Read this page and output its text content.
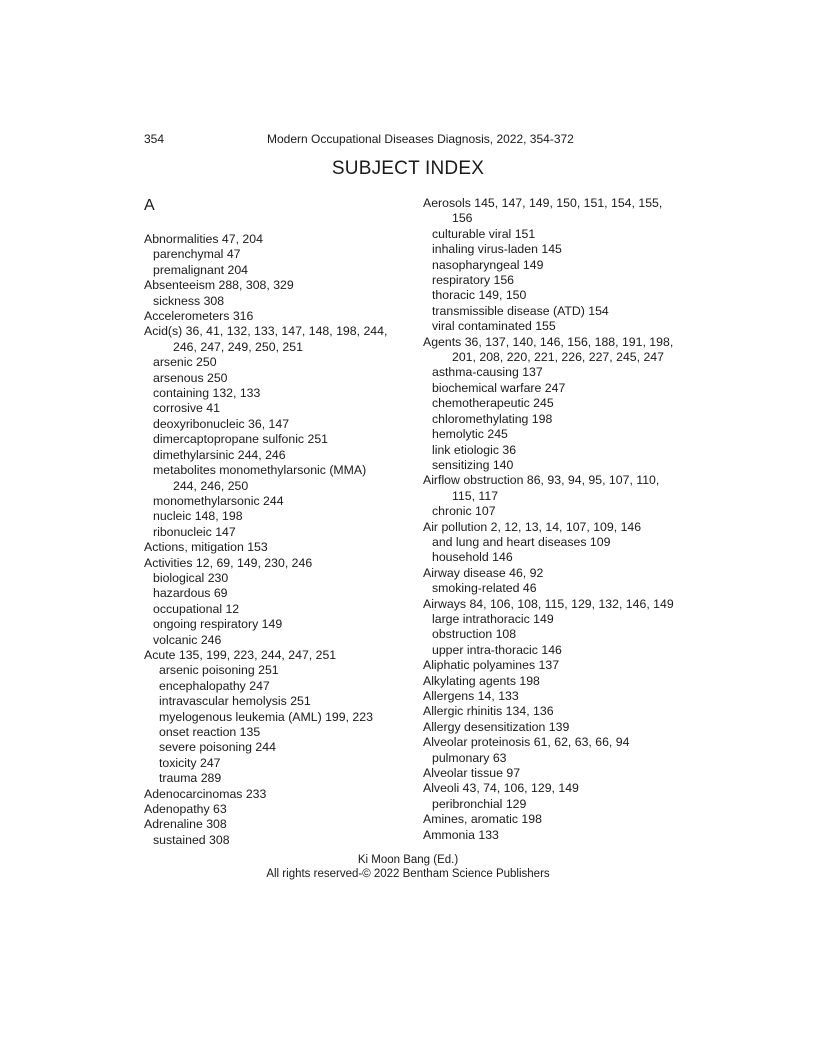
354	Modern Occupational Diseases Diagnosis, 2022, 354-372
SUBJECT INDEX
A
Abnormalities 47, 204
parenchymal 47
premalignant 204
Absenteeism 288, 308, 329
sickness 308
Accelerometers 316
Acid(s) 36, 41, 132, 133, 147, 148, 198, 244,
246, 247, 249, 250, 251
arsenic 250
arsenous 250
containing 132, 133
corrosive 41
deoxyribonucleic 36, 147
dimercaptopropane sulfonic 251
dimethylarsinic 244, 246
metabolites monomethylarsonic (MMA)
244, 246, 250
monomethylarsonic 244
nucleic 148, 198
ribonucleic 147
Actions, mitigation 153
Activities 12, 69, 149, 230, 246
biological 230
hazardous 69
occupational 12
ongoing respiratory 149
volcanic 246
Acute 135, 199, 223, 244, 247, 251
arsenic poisoning 251
encephalopathy 247
intravascular hemolysis 251
myelogenous leukemia (AML) 199, 223
onset reaction 135
severe poisoning 244
toxicity 247
trauma 289
Adenocarcinomas 233
Adenopathy 63
Adrenaline 308
sustained 308
Aerosols 145, 147, 149, 150, 151, 154, 155,
156
culturable viral 151
inhaling virus-laden 145
nasopharyngeal 149
respiratory 156
thoracic 149, 150
transmissible disease (ATD) 154
viral contaminated 155
Agents 36, 137, 140, 146, 156, 188, 191, 198,
201, 208, 220, 221, 226, 227, 245, 247
asthma-causing 137
biochemical warfare 247
chemotherapeutic 245
chloromethylating 198
hemolytic 245
link etiologic 36
sensitizing 140
Airflow obstruction 86, 93, 94, 95, 107, 110,
115, 117
chronic 107
Air pollution 2, 12, 13, 14, 107, 109, 146
and lung and heart diseases 109
household 146
Airway disease 46, 92
smoking-related 46
Airways 84, 106, 108, 115, 129, 132, 146, 149
large intrathoracic 149
obstruction 108
upper intra-thoracic 146
Aliphatic polyamines 137
Alkylating agents 198
Allergens 14, 133
Allergic rhinitis 134, 136
Allergy desensitization 139
Alveolar proteinosis 61, 62, 63, 66, 94
pulmonary 63
Alveolar tissue 97
Alveoli 43, 74, 106, 129, 149
peribronchial 129
Amines, aromatic 198
Ammonia 133
Ki Moon Bang (Ed.)
All rights reserved-© 2022 Bentham Science Publishers
